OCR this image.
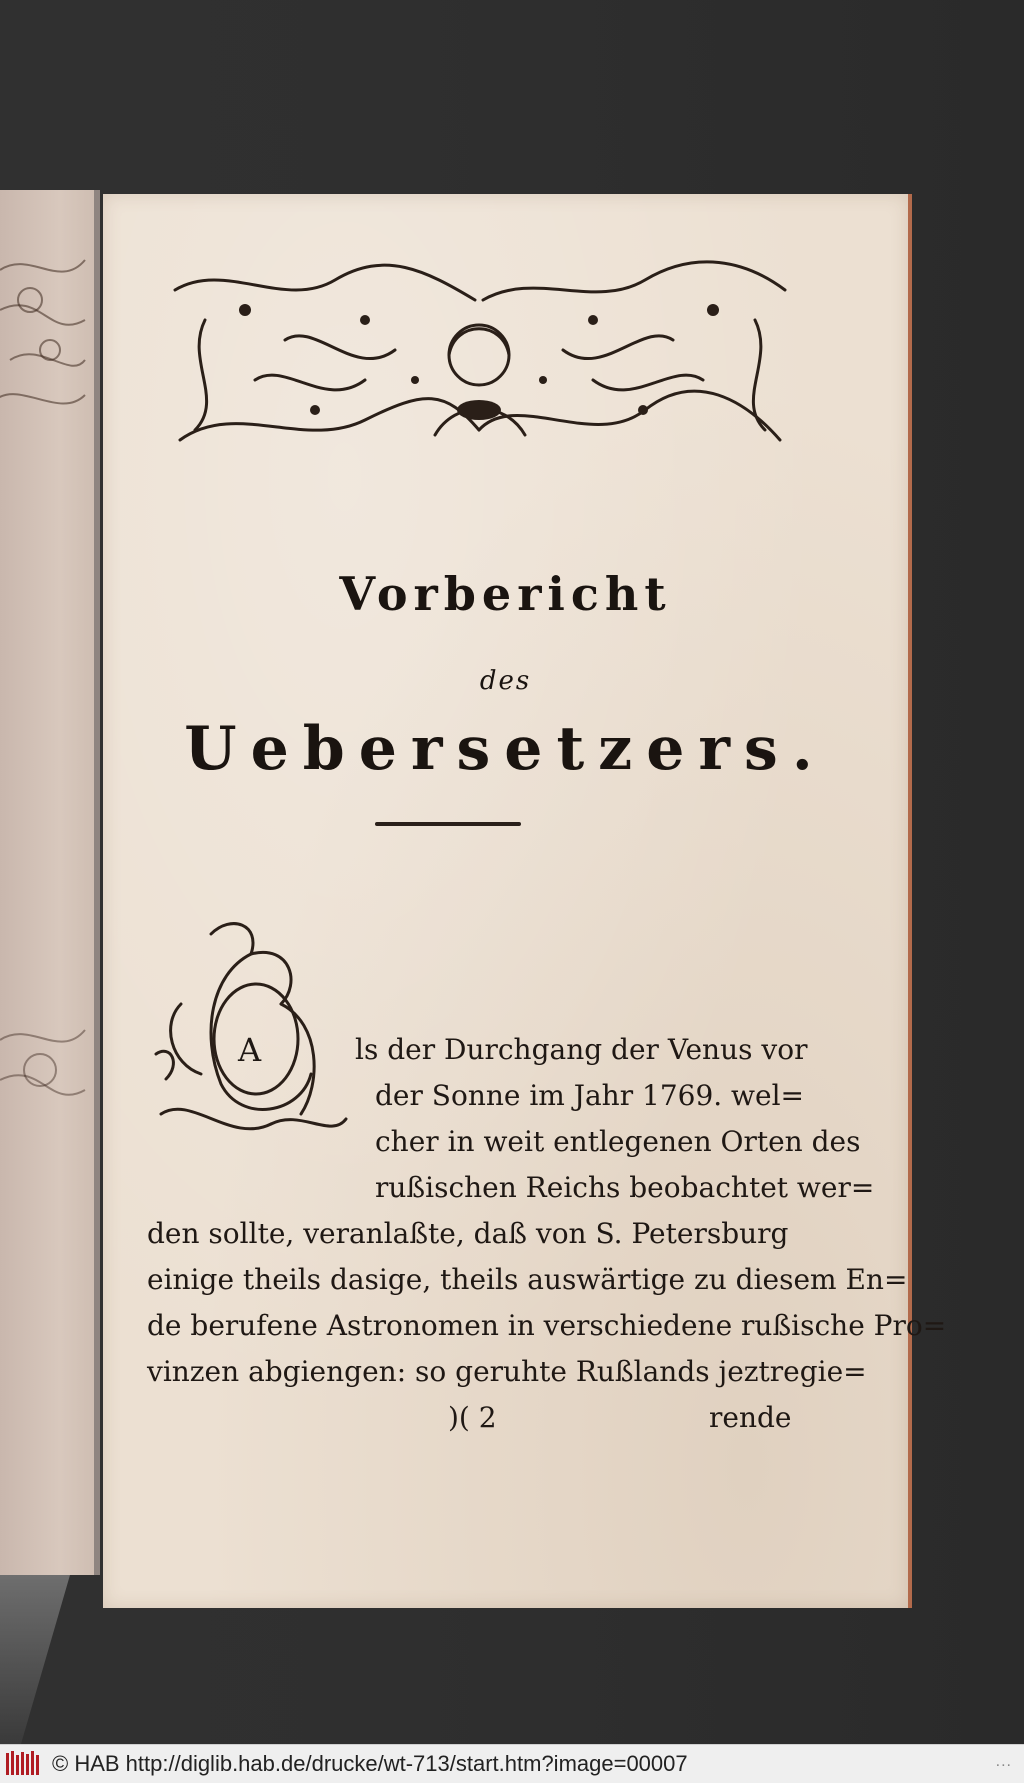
Vorbericht
des
Uebersetzers.
A	ls der Durchgang der Venus vor
der Sonne im Jahr 1769. wel=
cher in weit entlegenen Orten des
rußischen Reichs beobachtet wer=
den sollte, veranlaßte, daß von S. Petersburg
einige theils dasige, theils auswärtige zu diesem En=
de berufene Astronomen in verschiedene rußische Pro=
vinzen abgiengen: so geruhte Rußlands jeztregie=
)( 2	rende
© HAB http://diglib.hab.de/drucke/wt-713/start.htm?image=00007	...
